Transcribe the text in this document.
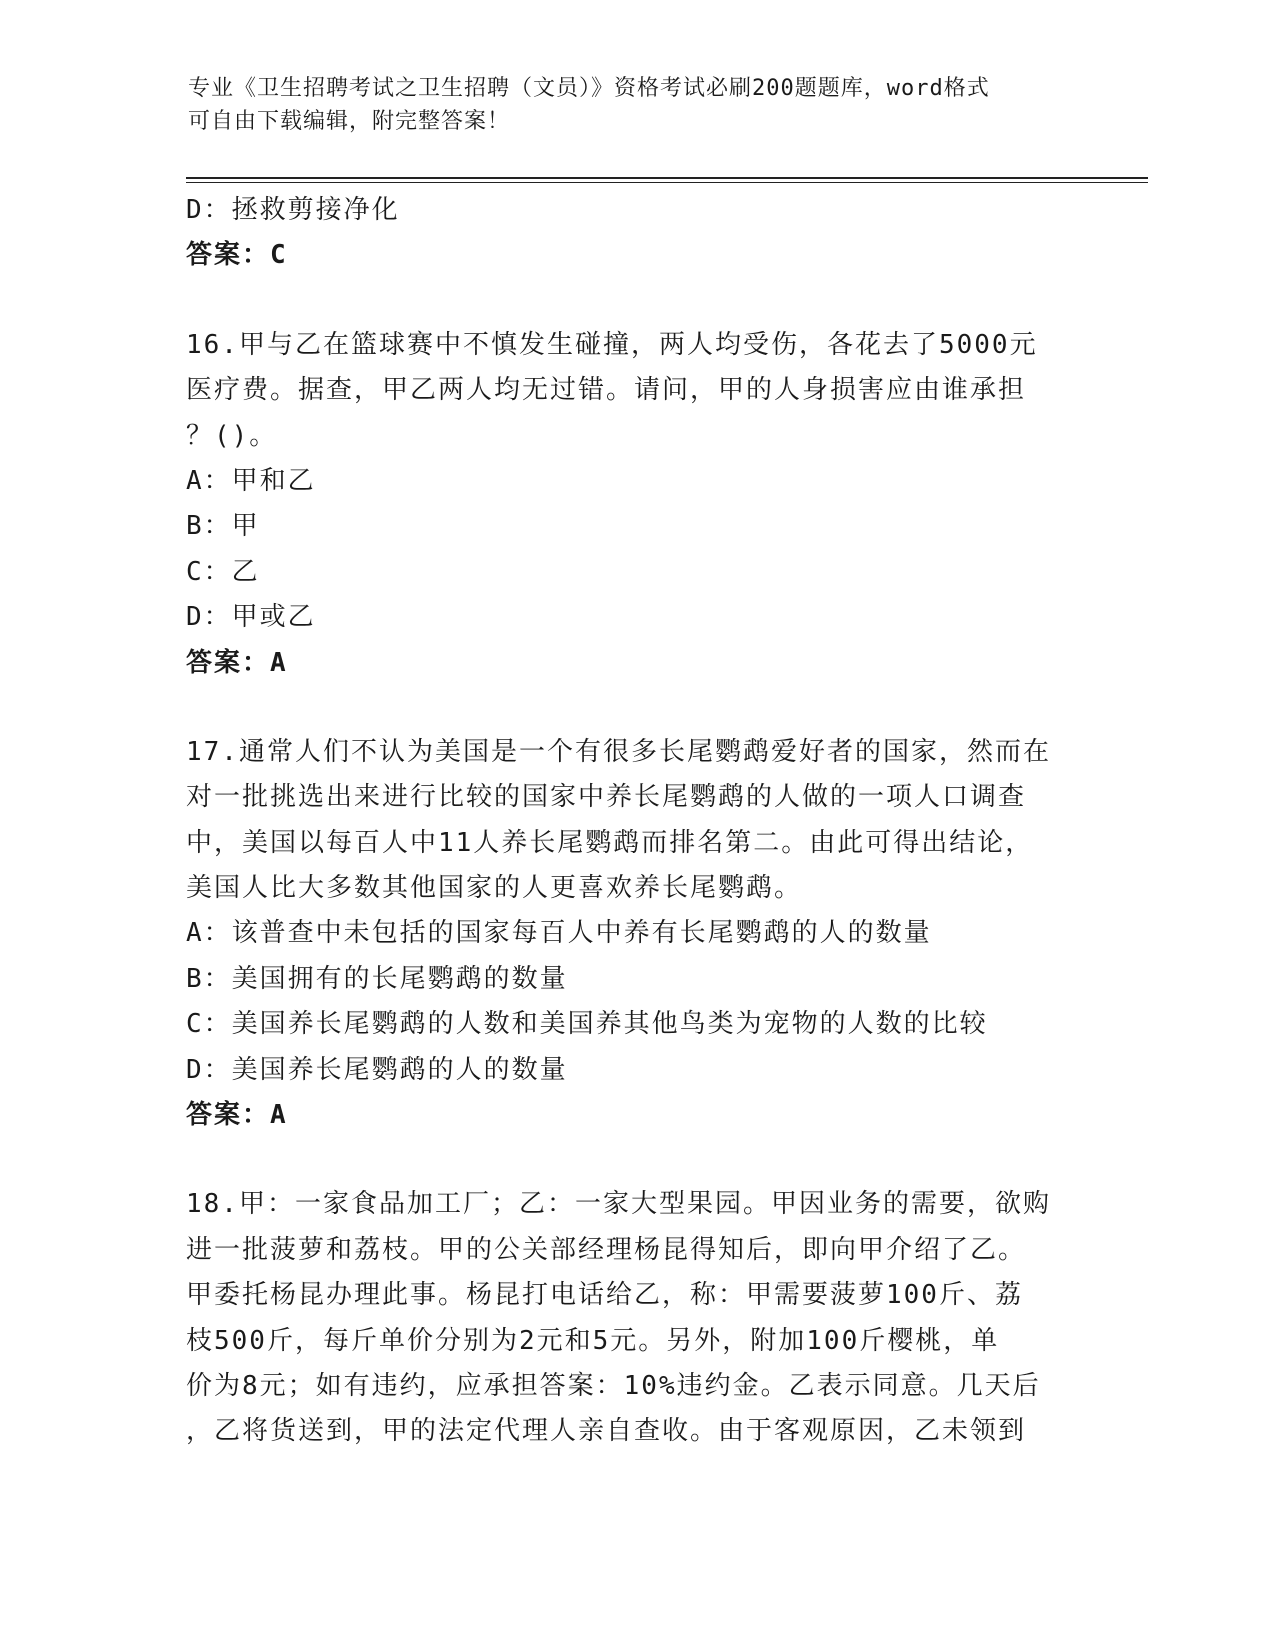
专业《卫生招聘考试之卫生招聘（文员）》资格考试必刷200题题库，word格式
可自由下载编辑，附完整答案！
D：拯救剪接净化
答案：C
16.甲与乙在篮球赛中不慎发生碰撞，两人均受伤，各花去了5000元
医疗费。据查，甲乙两人均无过错。请问，甲的人身损害应由谁承担
？()。
A：甲和乙
B：甲
C：乙
D：甲或乙
答案：A
17.通常人们不认为美国是一个有很多长尾鹦鹉爱好者的国家，然而在
对一批挑选出来进行比较的国家中养长尾鹦鹉的人做的一项人口调查
中，美国以每百人中11人养长尾鹦鹉而排名第二。由此可得出结论，
美国人比大多数其他国家的人更喜欢养长尾鹦鹉。
A：该普查中未包括的国家每百人中养有长尾鹦鹉的人的数量
B：美国拥有的长尾鹦鹉的数量
C：美国养长尾鹦鹉的人数和美国养其他鸟类为宠物的人数的比较
D：美国养长尾鹦鹉的人的数量
答案：A
18.甲：一家食品加工厂；乙：一家大型果园。甲因业务的需要，欲购
进一批菠萝和荔枝。甲的公关部经理杨昆得知后，即向甲介绍了乙。
甲委托杨昆办理此事。杨昆打电话给乙，称：甲需要菠萝100斤、荔
枝500斤，每斤单价分别为2元和5元。另外，附加100斤樱桃，单
价为8元；如有违约，应承担答案：10%违约金。乙表示同意。几天后
，乙将货送到，甲的法定代理人亲自查收。由于客观原因，乙未领到
